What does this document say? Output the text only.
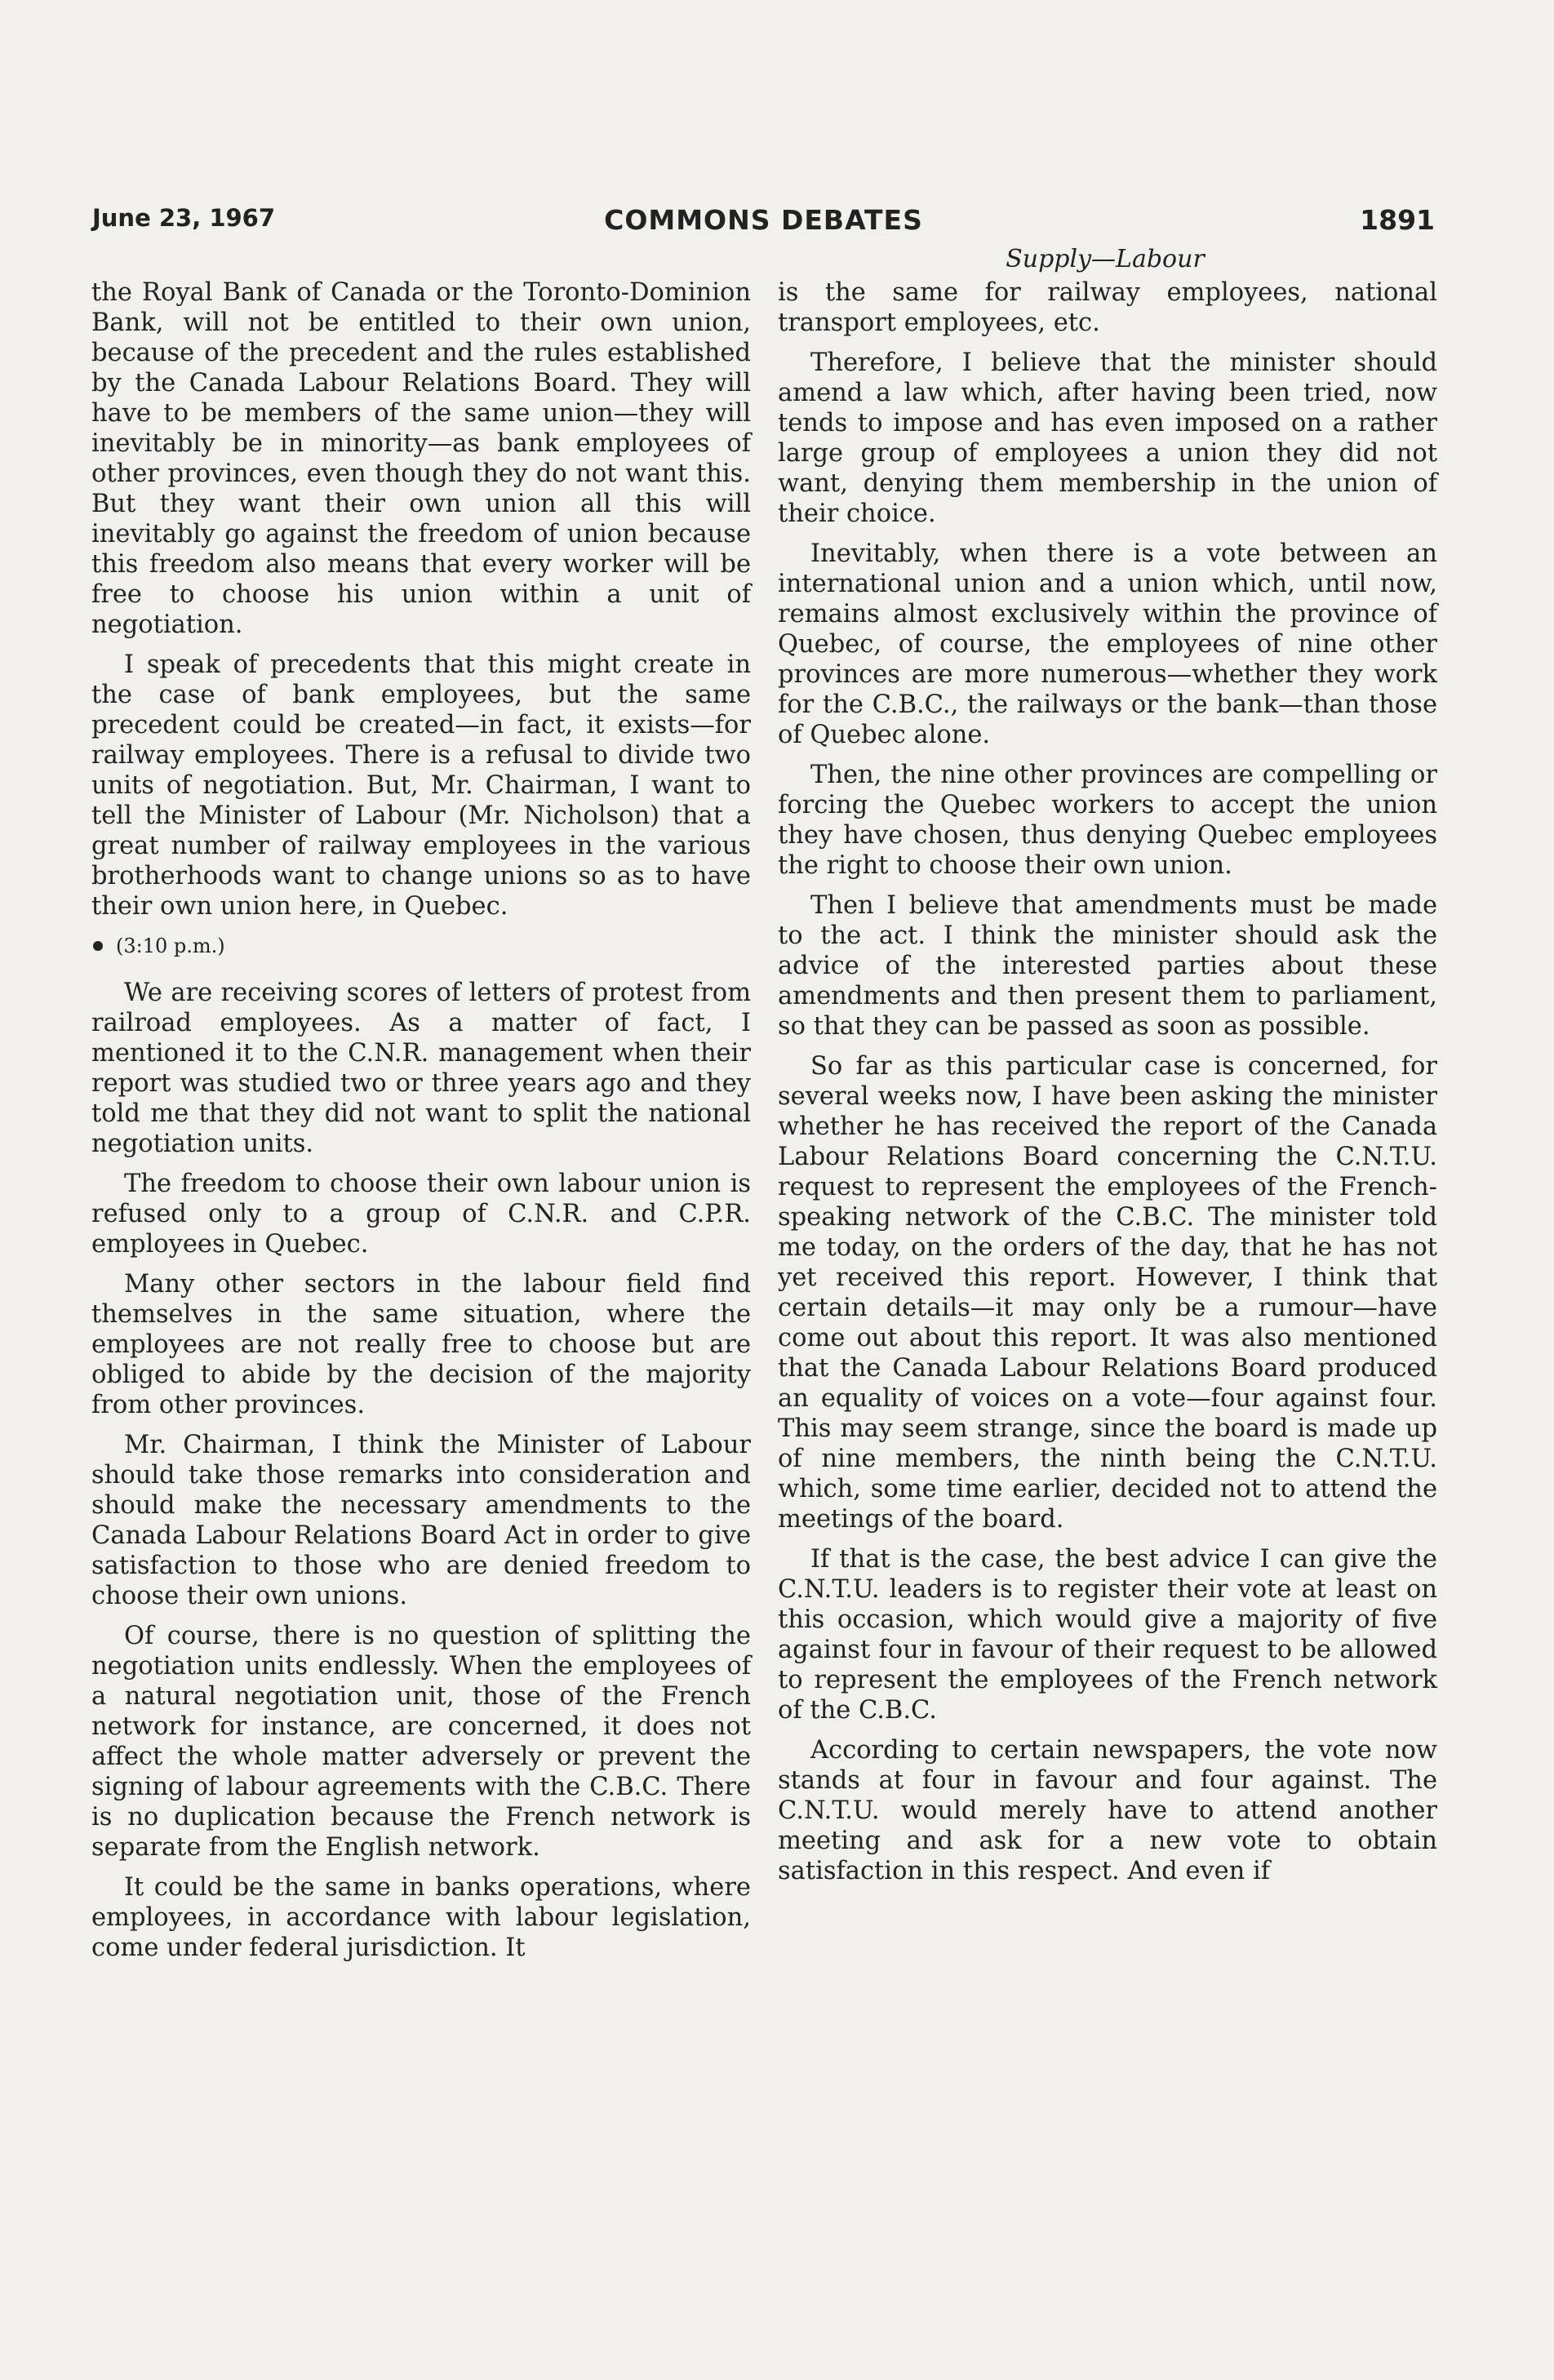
June 23, 1967	COMMONS DEBATES	1891
Supply—Labour

the Royal Bank of Canada or the Toronto-Dominion Bank, will not be entitled to their own union, because of the precedent and the rules established by the Canada Labour Relations Board. They will have to be members of the same union—they will inevitably be in minority—as bank employees of other provinces, even though they do not want this. But they want their own union all this will inevitably go against the freedom of union because this freedom also means that every worker will be free to choose his union within a unit of negotiation.

I speak of precedents that this might create in the case of bank employees, but the same precedent could be created—in fact, it exists—for railway employees. There is a refusal to divide two units of negotiation. But, Mr. Chairman, I want to tell the Minister of Labour (Mr. Nicholson) that a great number of railway employees in the various brotherhoods want to change unions so as to have their own union here, in Quebec.

(3:10 p.m.)

We are receiving scores of letters of protest from railroad employees. As a matter of fact, I mentioned it to the C.N.R. management when their report was studied two or three years ago and they told me that they did not want to split the national negotiation units.

The freedom to choose their own labour union is refused only to a group of C.N.R. and C.P.R. employees in Quebec.

Many other sectors in the labour field find themselves in the same situation, where the employees are not really free to choose but are obliged to abide by the decision of the majority from other provinces.

Mr. Chairman, I think the Minister of Labour should take those remarks into consideration and should make the necessary amendments to the Canada Labour Relations Board Act in order to give satisfaction to those who are denied freedom to choose their own unions.

Of course, there is no question of splitting the negotiation units endlessly. When the employees of a natural negotiation unit, those of the French network for instance, are concerned, it does not affect the whole matter adversely or prevent the signing of labour agreements with the C.B.C. There is no duplication because the French network is separate from the English network.

It could be the same in banks operations, where employees, in accordance with labour legislation, come under federal jurisdiction. It

is the same for railway employees, national transport employees, etc.

Therefore, I believe that the minister should amend a law which, after having been tried, now tends to impose and has even imposed on a rather large group of employees a union they did not want, denying them membership in the union of their choice.

Inevitably, when there is a vote between an international union and a union which, until now, remains almost exclusively within the province of Quebec, of course, the employees of nine other provinces are more numerous—whether they work for the C.B.C., the railways or the bank—than those of Quebec alone.

Then, the nine other provinces are compelling or forcing the Quebec workers to accept the union they have chosen, thus denying Quebec employees the right to choose their own union.

Then I believe that amendments must be made to the act. I think the minister should ask the advice of the interested parties about these amendments and then present them to parliament, so that they can be passed as soon as possible.

So far as this particular case is concerned, for several weeks now, I have been asking the minister whether he has received the report of the Canada Labour Relations Board concerning the C.N.T.U. request to represent the employees of the French-speaking network of the C.B.C. The minister told me today, on the orders of the day, that he has not yet received this report. However, I think that certain details—it may only be a rumour—have come out about this report. It was also mentioned that the Canada Labour Relations Board produced an equality of voices on a vote—four against four. This may seem strange, since the board is made up of nine members, the ninth being the C.N.T.U. which, some time earlier, decided not to attend the meetings of the board.

If that is the case, the best advice I can give the C.N.T.U. leaders is to register their vote at least on this occasion, which would give a majority of five against four in favour of their request to be allowed to represent the employees of the French network of the C.B.C.

According to certain newspapers, the vote now stands at four in favour and four against. The C.N.T.U. would merely have to attend another meeting and ask for a new vote to obtain satisfaction in this respect. And even if
